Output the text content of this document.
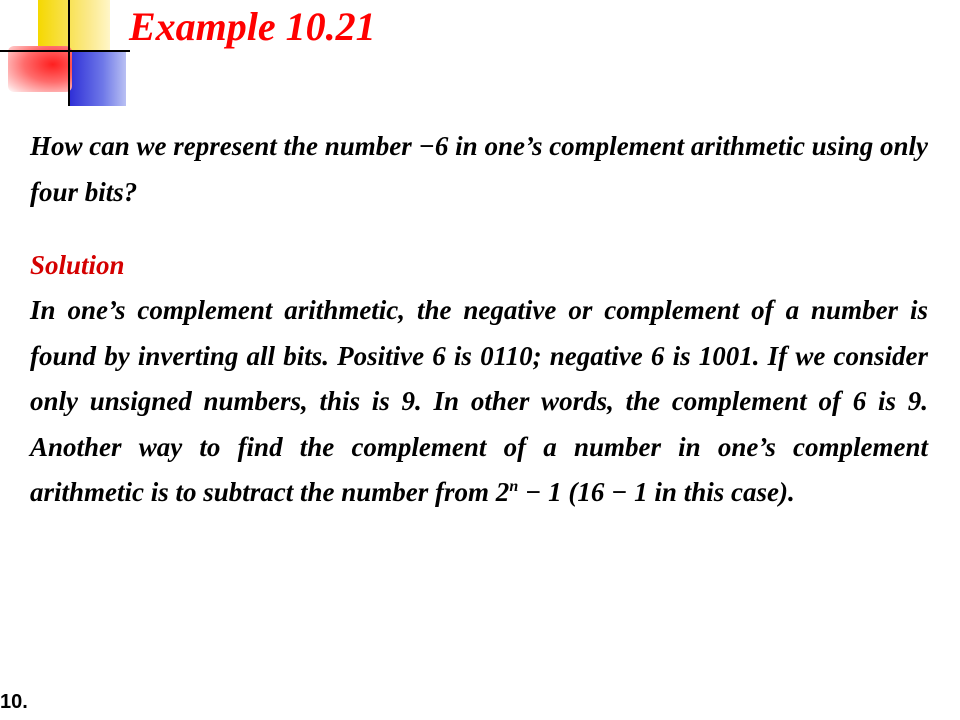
Example 10.21

How can we represent the number −6 in one’s complement arithmetic using only four bits?

Solution

In one’s complement arithmetic, the negative or complement of a number is found by inverting all bits. Positive 6 is 0110; negative 6 is 1001. If we consider only unsigned numbers, this is 9. In other words, the complement of 6 is 9. Another way to find the complement of a number in one’s complement arithmetic is to subtract the number from $2^n - 1$ (16 − 1 in this case).

10.
